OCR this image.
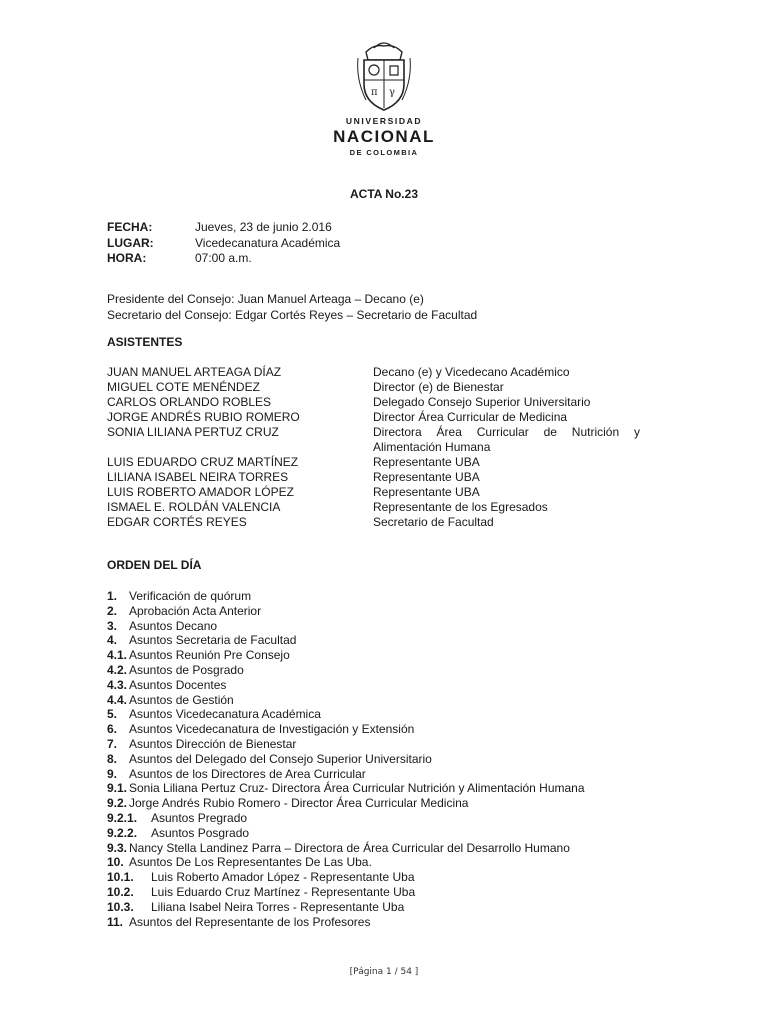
π γ
UNIVERSIDAD
NACIONAL
DE COLOMBIA
ACTA No.23
FECHA:	Jueves, 23 de junio 2.016
LUGAR:	Vicedecanatura Académica
HORA:	07:00 a.m.
Presidente del Consejo: Juan Manuel Arteaga – Decano (e)
Secretario del Consejo: Edgar Cortés Reyes – Secretario de Facultad
ASISTENTES
JUAN MANUEL ARTEAGA DÍAZ	Decano (e) y Vicedecano Académico
MIGUEL COTE MENÉNDEZ	Director (e) de Bienestar
CARLOS ORLANDO ROBLES	Delegado Consejo Superior Universitario
JORGE ANDRÉS RUBIO ROMERO	Director Área Curricular de Medicina
SONIA LILIANA PERTUZ CRUZ	Directora Área Curricular de Nutrición y
Alimentación Humana
LUIS EDUARDO CRUZ MARTÍNEZ	Representante UBA
LILIANA ISABEL NEIRA TORRES	Representante UBA
LUIS ROBERTO AMADOR LÓPEZ	Representante UBA
ISMAEL E. ROLDÁN VALENCIA	Representante de los Egresados
EDGAR CORTÉS REYES	Secretario de Facultad
ORDEN DEL DÍA
1. Verificación de quórum
2. Aprobación Acta Anterior
3. Asuntos Decano
4. Asuntos Secretaria de Facultad
4.1. Asuntos Reunión Pre Consejo
4.2. Asuntos de Posgrado
4.3. Asuntos Docentes
4.4. Asuntos de Gestión
5. Asuntos Vicedecanatura Académica
6. Asuntos Vicedecanatura de Investigación y Extensión
7. Asuntos Dirección de Bienestar
8. Asuntos del Delegado del Consejo Superior Universitario
9. Asuntos de los Directores de Area Curricular
9.1. Sonia Liliana Pertuz Cruz- Directora Área Curricular Nutrición y Alimentación Humana
9.2. Jorge Andrés Rubio Romero - Director Área Curricular Medicina
9.2.1.	Asuntos Pregrado
9.2.2.	Asuntos Posgrado
9.3. Nancy Stella Landinez Parra – Directora de Área Curricular del Desarrollo Humano
10. Asuntos De Los Representantes De Las Uba.
10.1.	Luis Roberto Amador López - Representante Uba
10.2.	Luis Eduardo Cruz Martínez - Representante Uba
10.3.	Liliana Isabel Neira Torres - Representante Uba
11. Asuntos del Representante de los Profesores
[Página 1 / 54 ]
